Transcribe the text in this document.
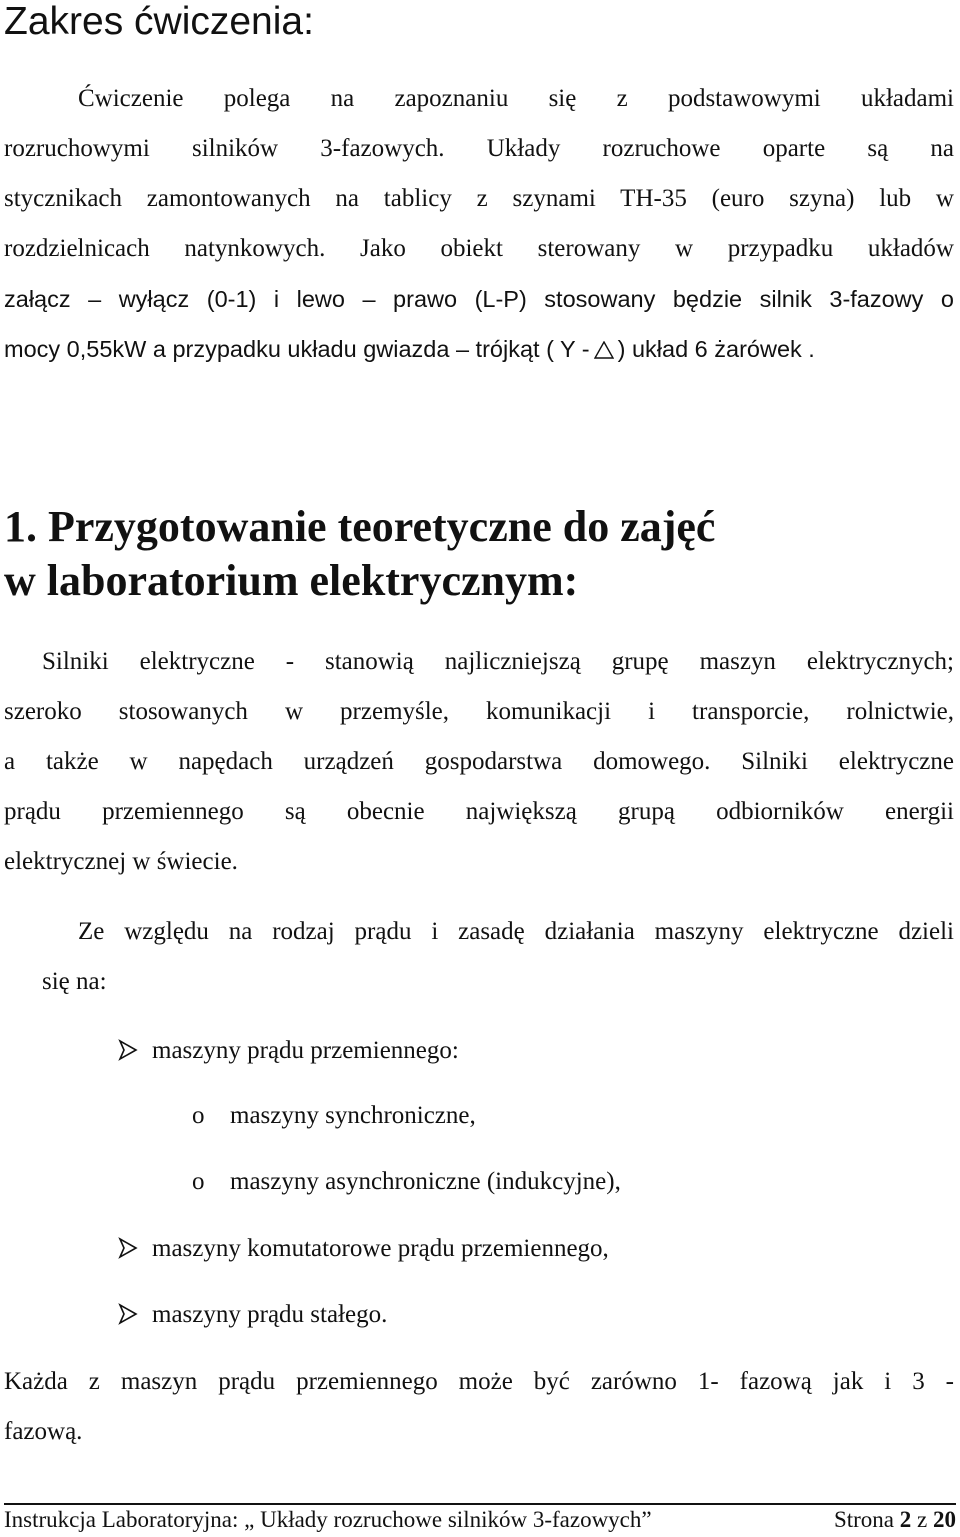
Zakres ćwiczenia:
Ćwiczenie polega na zapoznaniu się z podstawowymi układami
rozruchowymi silników 3-fazowych. Układy rozruchowe oparte są na
stycznikach zamontowanych na tablicy z szynami TH-35 (euro szyna) lub w
rozdzielnicach natynkowych. Jako obiekt sterowany w przypadku układów
załącz – wyłącz (0-1) i lewo – prawo (L-P) stosowany będzie silnik 3-fazowy o
mocy 0,55kW a przypadku układu gwiazda – trójkąt ( Y - ) układ 6 żarówek .
1. Przygotowanie teoretyczne do zajęć
w laboratorium elektrycznym:
Silniki elektryczne - stanowią najliczniejszą grupę maszyn elektrycznych;
szeroko stosowanych w przemyśle, komunikacji i transporcie, rolnictwie,
a także w napędach urządzeń gospodarstwa domowego. Silniki elektryczne
prądu przemiennego są obecnie największą grupą odbiorników energii
elektrycznej w świecie.
Ze względu na rodzaj prądu i zasadę działania maszyny elektryczne dzieli
się na:
maszyny prądu przemiennego:
o maszyny synchroniczne,
o maszyny asynchroniczne (indukcyjne),
maszyny komutatorowe prądu przemiennego,
maszyny prądu stałego.
Każda z maszyn prądu przemiennego może być zarówno 1- fazową jak i 3 -
fazową.
Instrukcja Laboratoryjna: „ Układy rozruchowe silników 3-fazowych”	Strona 2 z 20
